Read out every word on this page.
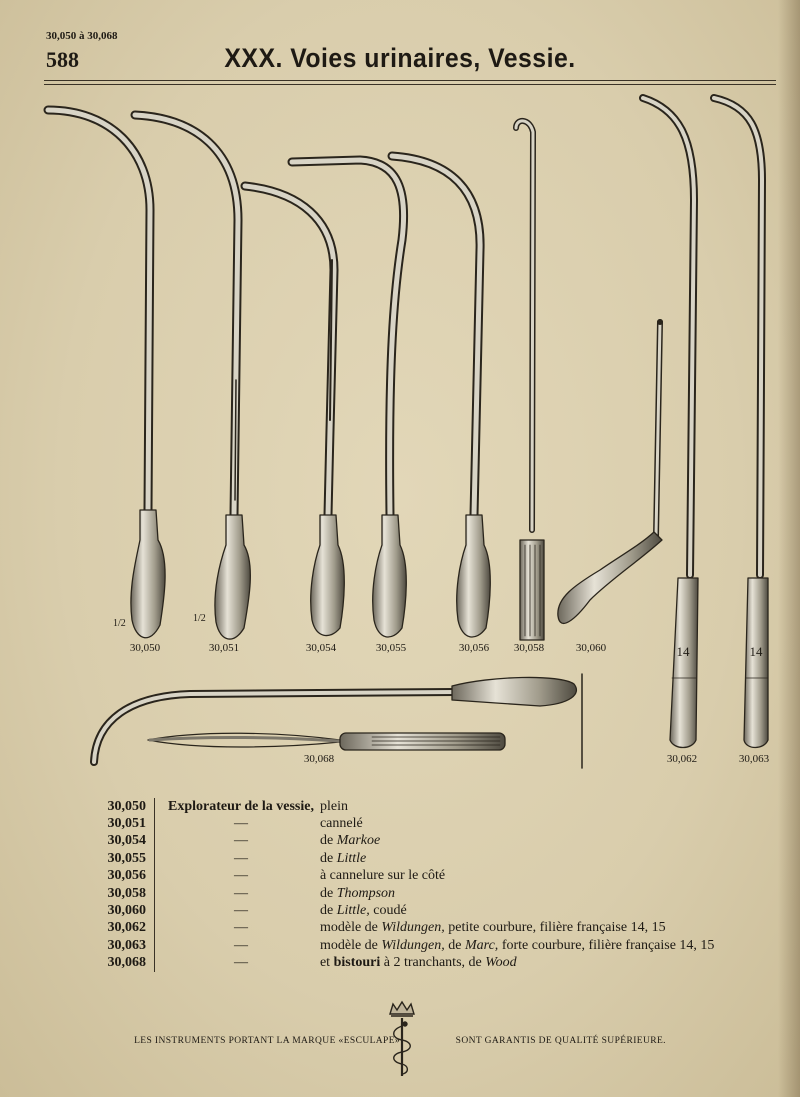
30,050 à 30,068
588	XXX. Voies urinaires, Vessie.
1/2	1/2
14	14
30,050	30,051	30,054	30,055	30,056	30,058	30,060
30,068	30,062	30,063
30,050		Explorateur de la vessie,	plein
30,051		—	cannelé
30,054		—	de Markoe
30,055		—	de Little
30,056		—	à cannelure sur le côté
30,058		—	de Thompson
30,060		—	de Little, coudé
30,062		—	modèle de Wildungen, petite courbure, filière française 14, 15
30,063		—	modèle de Wildungen, de Marc, forte courbure, filière française 14, 15
30,068		—	et bistouri à 2 tranchants, de Wood
LES INSTRUMENTS PORTANT LA MARQUE «ESCULAPE»	SONT GARANTIS DE QUALITÉ SUPÉRIEURE.
